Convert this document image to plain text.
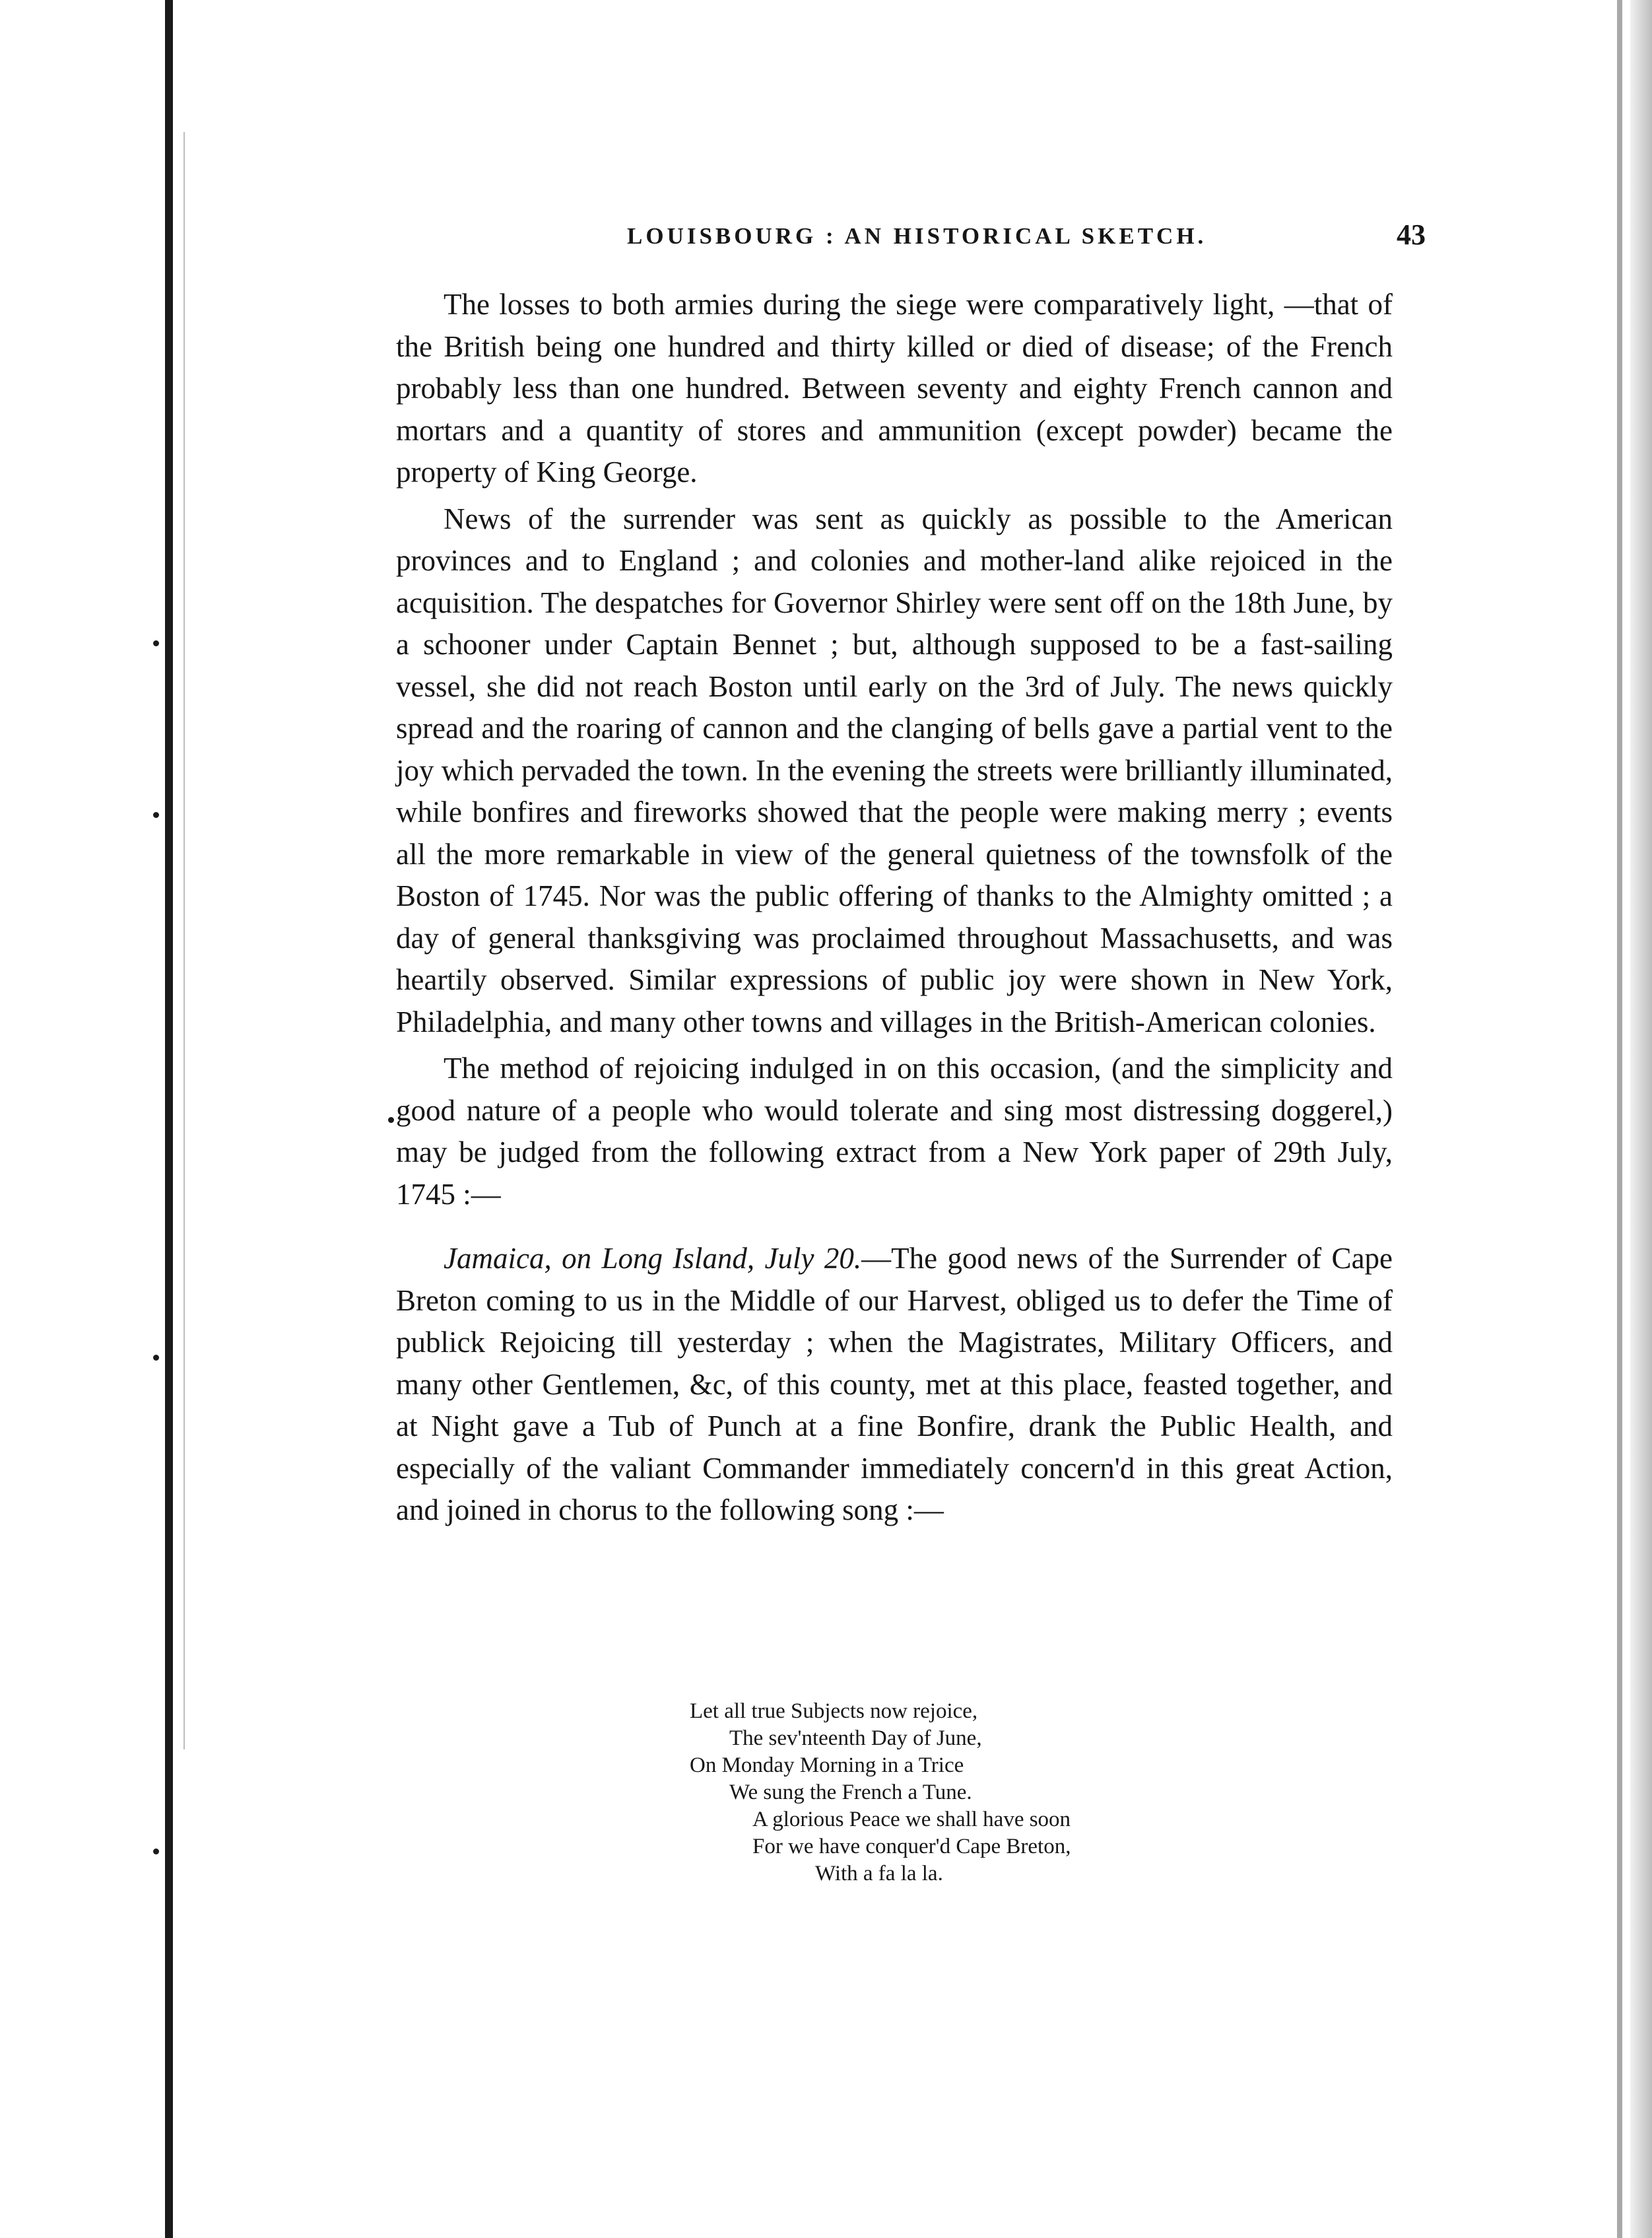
LOUISBOURG : AN HISTORICAL SKETCH.	43

The losses to both armies during the siege were comparatively light, —that of the British being one hundred and thirty killed or died of disease; of the French probably less than one hundred. Between seventy and eighty French cannon and mortars and a quantity of stores and ammunition (except powder) became the property of King George.

News of the surrender was sent as quickly as possible to the American provinces and to England ; and colonies and mother-land alike rejoiced in the acquisition. The despatches for Governor Shirley were sent off on the 18th June, by a schooner under Captain Bennet ; but, although supposed to be a fast-sailing vessel, she did not reach Boston until early on the 3rd of July. The news quickly spread and the roaring of cannon and the clanging of bells gave a partial vent to the joy which pervaded the town. In the evening the streets were brilliantly illuminated, while bonfires and fireworks showed that the people were making merry ; events all the more remarkable in view of the general quietness of the townsfolk of the Boston of 1745. Nor was the public offering of thanks to the Almighty omitted ; a day of general thanksgiving was proclaimed throughout Massachusetts, and was heartily observed. Similar expressions of public joy were shown in New York, Philadelphia, and many other towns and villages in the British-American colonies.

The method of rejoicing indulged in on this occasion, (and the simplicity and good nature of a people who would tolerate and sing most distressing doggerel,) may be judged from the following extract from a New York paper of 29th July, 1745 :—

Jamaica, on Long Island, July 20.—The good news of the Surrender of Cape Breton coming to us in the Middle of our Harvest, obliged us to defer the Time of publick Rejoicing till yesterday ; when the Magistrates, Military Officers, and many other Gentlemen, &c, of this county, met at this place, feasted together, and at Night gave a Tub of Punch at a fine Bonfire, drank the Public Health, and especially of the valiant Commander immediately concern'd in this great Action, and joined in chorus to the following song :—

Let all true Subjects now rejoice,
The sev'nteenth Day of June,
On Monday Morning in a Trice
We sung the French a Tune.
A glorious Peace we shall have soon
For we have conquer'd Cape Breton,
With a fa la la.
